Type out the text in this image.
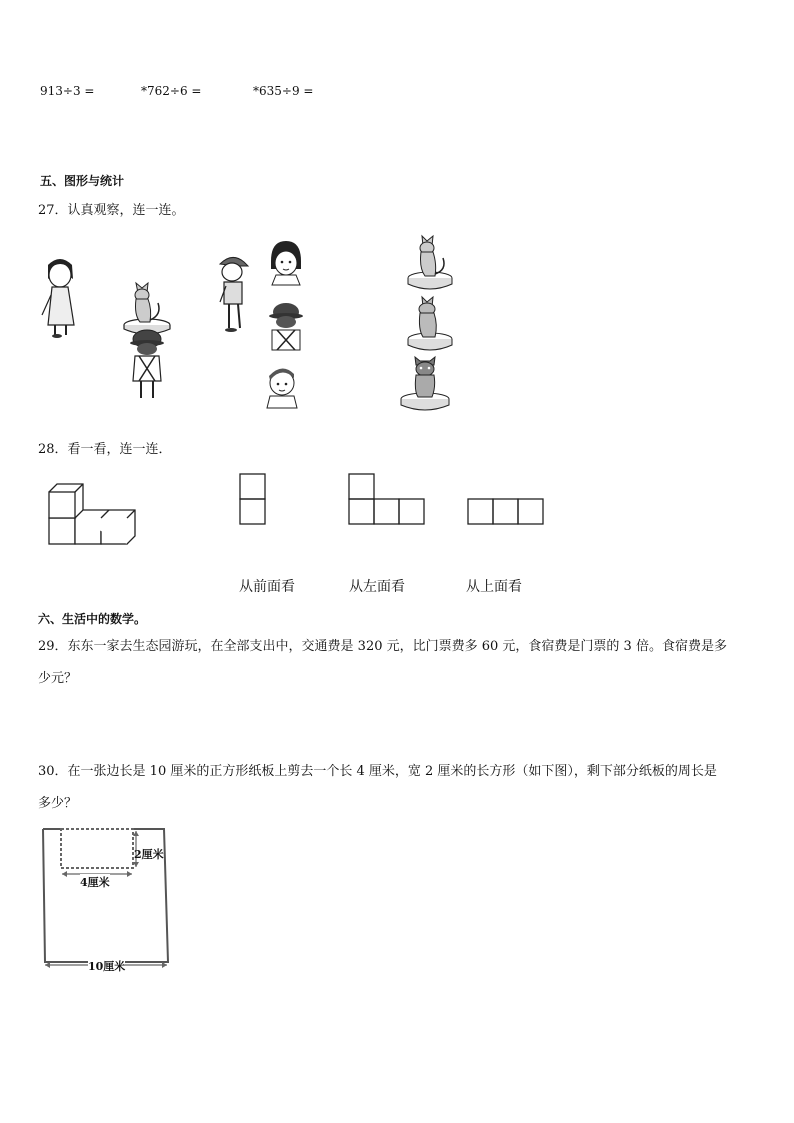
913÷3 =	*762÷6 =	*635÷9 =
五、图形与统计
27．认真观察，连一连。
28．看一看，连一连．
从前面看	从左面看	从上面看
六、生活中的数学。
29．东东一家去生态园游玩，在全部支出中，交通费是 320 元，比门票费多 60 元，食宿费是门票的 3 倍。食宿费是多
少元？
30．在一张边长是 10 厘米的正方形纸板上剪去一个长 4 厘米，宽 2 厘米的长方形（如下图），剩下部分纸板的周长是
多少？
2厘米
4厘米
10厘米
